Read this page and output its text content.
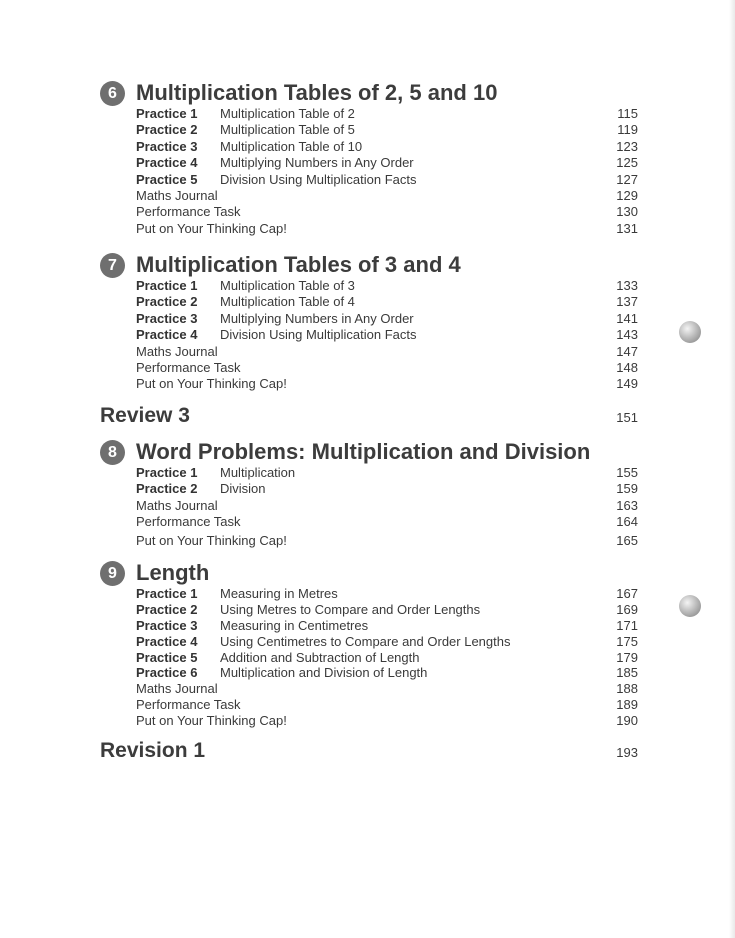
6 Multiplication Tables of 2, 5 and 10
Practice 1 Multiplication Table of 2	115
Practice 2 Multiplication Table of 5	119
Practice 3 Multiplication Table of 10	123
Practice 4 Multiplying Numbers in Any Order	125
Practice 5 Division Using Multiplication Facts	127
Maths Journal	129
Performance Task	130
Put on Your Thinking Cap!	131
7 Multiplication Tables of 3 and 4
Practice 1 Multiplication Table of 3	133
Practice 2 Multiplication Table of 4	137
Practice 3 Multiplying Numbers in Any Order	141
Practice 4 Division Using Multiplication Facts	143
Maths Journal	147
Performance Task	148
Put on Your Thinking Cap!	149
Review 3	151
8 Word Problems: Multiplication and Division
Practice 1 Multiplication	155
Practice 2 Division	159
Maths Journal	163
Performance Task	164
Put on Your Thinking Cap!	165
9 Length
Practice 1 Measuring in Metres	167
Practice 2 Using Metres to Compare and Order Lengths	169
Practice 3 Measuring in Centimetres	171
Practice 4 Using Centimetres to Compare and Order Lengths	175
Practice 5 Addition and Subtraction of Length	179
Practice 6 Multiplication and Division of Length	185
Maths Journal	188
Performance Task	189
Put on Your Thinking Cap!	190
Revision 1	193
